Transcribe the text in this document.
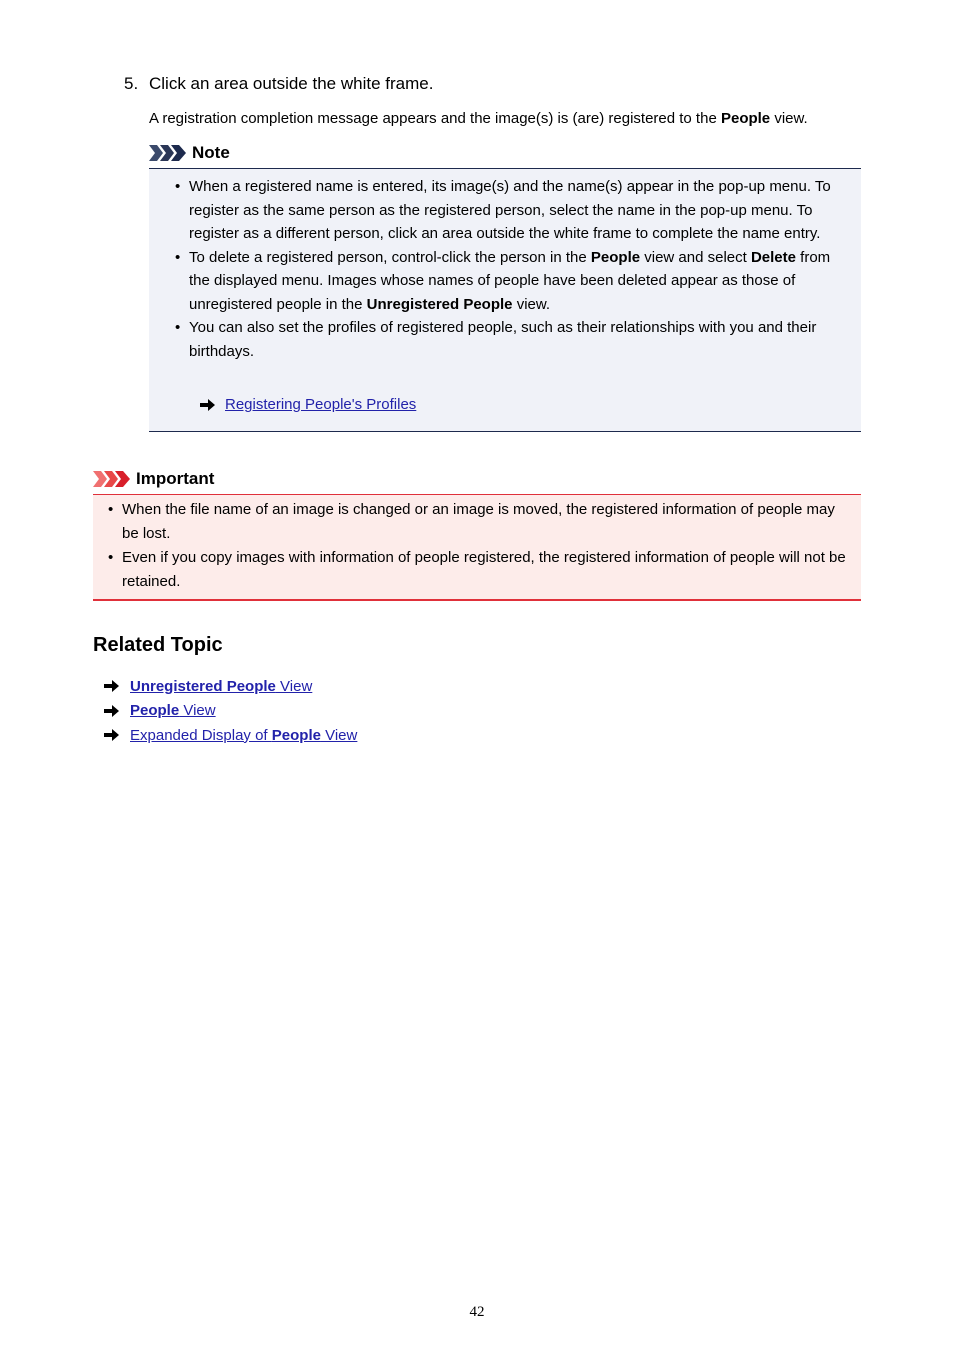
5. Click an area outside the white frame.
A registration completion message appears and the image(s) is (are) registered to the People view.
Note
• When a registered name is entered, its image(s) and the name(s) appear in the pop-up menu. To register as the same person as the registered person, select the name in the pop-up menu. To register as a different person, click an area outside the white frame to complete the name entry.
• To delete a registered person, control-click the person in the People view and select Delete from the displayed menu. Images whose names of people have been deleted appear as those of unregistered people in the Unregistered People view.
• You can also set the profiles of registered people, such as their relationships with you and their birthdays.
Registering People's Profiles
Important
• When the file name of an image is changed or an image is moved, the registered information of people may be lost.
• Even if you copy images with information of people registered, the registered information of people will not be retained.
Related Topic
Unregistered People View
People View
Expanded Display of People View
42
